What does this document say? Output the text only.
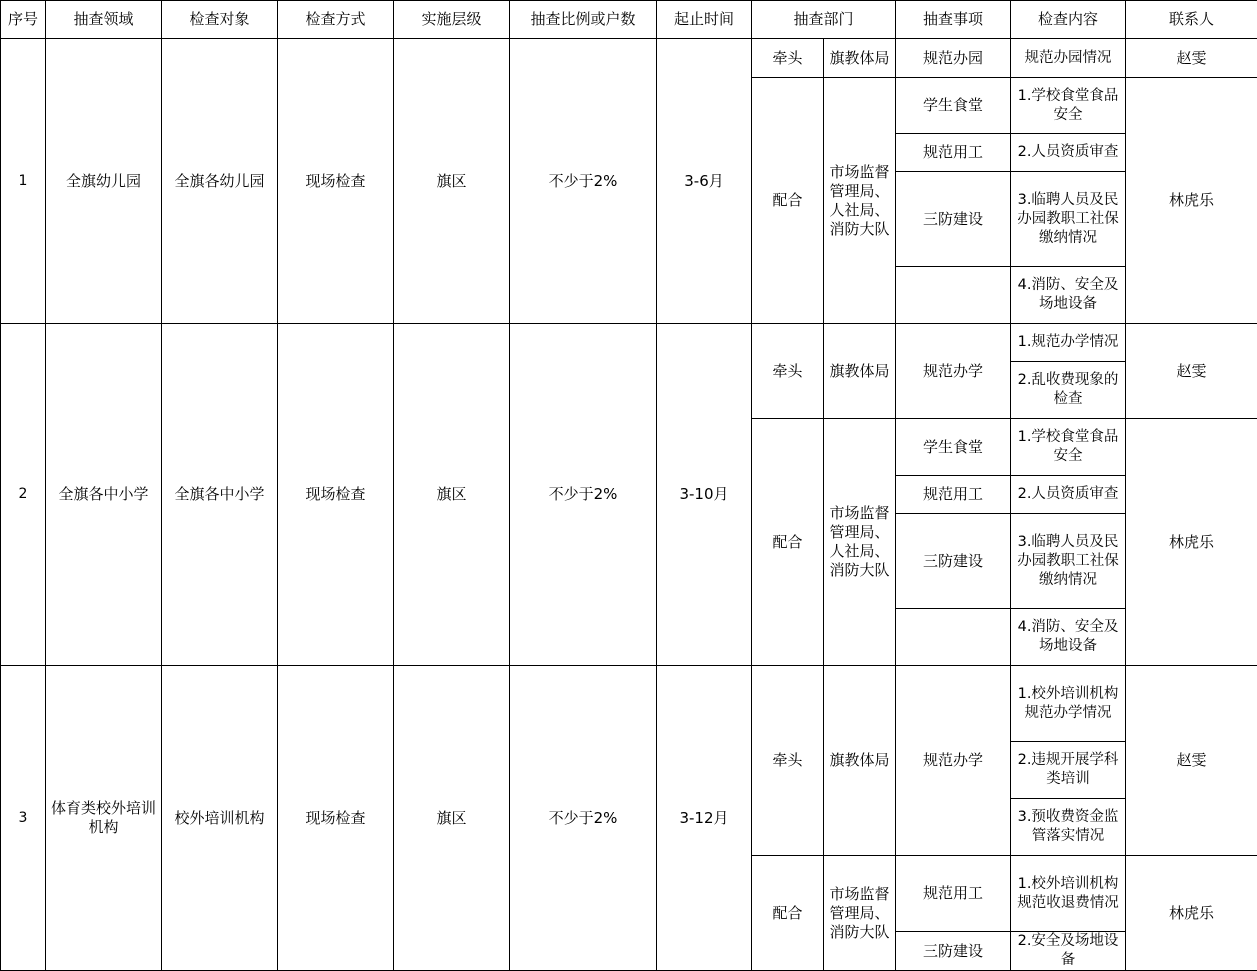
序号	抽查领域	检查对象	检查方式	实施层级	抽查比例或户数	起止时间	抽查部门		抽查事项	检查内容	联系人
1	全旗幼儿园	全旗各幼儿园	现场检查	旗区	不少于2%	3-6月	牵头	旗教体局	规范办园	规范办园情况	赵雯
							配合	市场监督管理局、人社局、消防大队	学生食堂	1.学校食堂食品安全	林虎乐
									规范用工	2.人员资质审查	
									三防建设	3.临聘人员及民办园教职工社保缴纳情况	
										4.消防、安全及场地设备	

2	全旗各中小学	全旗各中小学	现场检查	旗区	不少于2%	3-10月	牵头	旗教体局	规范办学	1.规范办学情况	赵雯
										2.乱收费现象的检查	
							配合	市场监督管理局、人社局、消防大队	学生食堂	1.学校食堂食品安全	林虎乐
									规范用工	2.人员资质审查	
									三防建设	3.临聘人员及民办园教职工社保缴纳情况	
										4.消防、安全及场地设备	

3	体育类校外培训机构	校外培训机构	现场检查	旗区	不少于2%	3-12月	牵头	旗教体局	规范办学	1.校外培训机构规范办学情况	赵雯
										2.违规开展学科类培训	
										3.预收费资金监管落实情况	
							配合	市场监督管理局、消防大队	规范用工	1.校外培训机构规范收退费情况	林虎乐
									三防建设	2.安全及场地设备	
